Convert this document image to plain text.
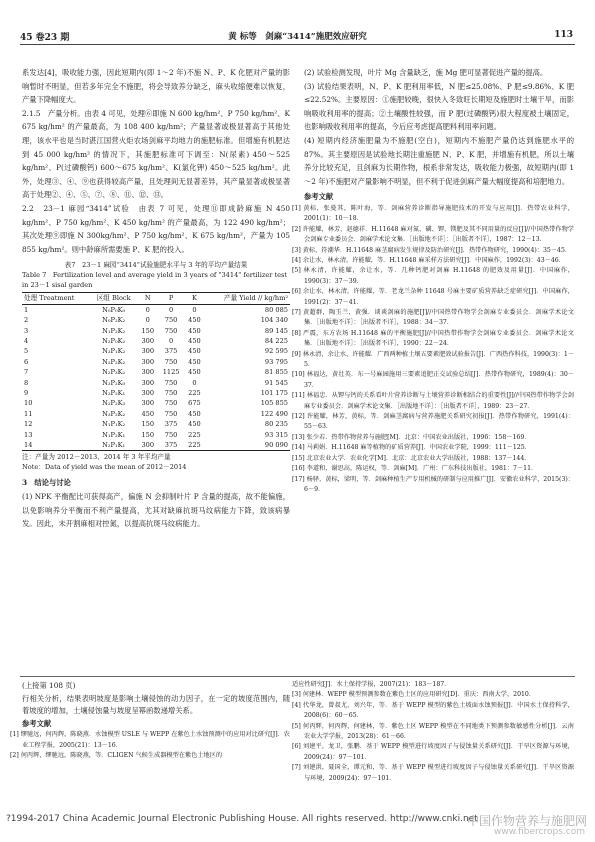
45 卷23 期	黄 标等　剑麻“3414”施肥效应研究	113

系发达[4]，吸收能力强，因此短期内(即 1～2 年)不施 N、P、K 化肥对产量的影响暂时不明显，但若多年完全不施肥，将会导致养分缺乏，麻头收缩便难以恢复，产量下降幅度大。

2.1.5　产量分析。由表 4 可见，处理⑥即施 N 600 kg/hm²、P 750 kg/hm²、K 675 kg/hm² 的产量最高，为 108 400 kg/hm²；产量显著或极显著高于其他处理，该水平也是当时湛江国营火炬农场剑麻平均地力的施肥标准。但增施有机肥达到 45 000 kg/hm² 的情况下，其施肥标准可下调至：N(尿素) 450～525 kg/hm²、P(过磷酸钙) 600～675 kg/hm²、K(氯化钾) 450～525 kg/hm²。此外，处理③、④、⑨也获得较高产量，且处理间无显著差异，其产量显著或极显著高于处理②、④、⑤、⑦、⑧、⑪、⑫、⑬。

2.2　23－1 麻园“3414”试验　由表 7 可见，处理⑪即成龄麻施 N 450 kg/hm²、P 750 kg/hm²、K 450 kg/hm² 的产量最高，为 122 490 kg/hm²；其次处理⑨即施 N 300kg/hm²、P 750 kg/hm²、K 675 kg/hm²，产量为 105 855 kg/hm²。则中龄麻所需要施 P、K 肥的投入。

表7　23－1 麻园“3414”试验施肥水平与 3 年的平均产量结果
Table 7　Fertilization level and average yield in 3 years of "3414" fertilizer test in 23－1 sisal garden
处理 Treatment	区组 Block	N	P	K	产量 Yield // kg/hm²
1	N₀P₀K₀	0	0	0	80 085
2	N₀P₂K₂	0	750	450	104 340
3	N₁P₂K₂	150	750	450	89 145
4	N₂P₀K₂	300	0	450	84 225
5	N₂P₁K₂	300	375	450	92 595
6	N₂P₂K₂	300	750	450	93 795
7	N₂P₃K₂	300	1125	450	81 855
8	N₂P₂K₀	300	750	0	91 545
9	N₂P₂K₁	300	750	225	101 175
10	N₂P₂K₃	300	750	675	105 855
11	N₃P₂K₂	450	750	450	122 490
12	N₁P₁K₂	150	375	450	80 235
13	N₁P₂K₁	150	750	225	93 315
14	N₂P₁K₁	300	375	225	90 090
注：产量为 2012－2013、2014 年 3 年平均产量
Note：Data of yield was the mean of 2012－2014

3　结论与讨论

(1) NPK 平衡配比可获得高产，偏施 N 会抑制叶片 P 含量的提高，故不能偏施，以免影响养分平衡而不利产量提高，尤其对缺麻抗斑马纹病能力下降，致该病暴发。因此，未开割麻相对控氮，以提高抗斑马纹病能力。

(2) 试验检测发现，叶片 Mg 含量缺乏，施 Mg 肥可显著促进产量的提高。

(3) 试验结果表明，N、P、K 肥利用率低，N 肥≤25.08%、P 肥≤9.86%、K 肥≤22.52%。主要原因：①施肥较晚，很快入冬致旺长期短及施肥时土壤干旱，而影响吸收利用率的提高；②土壤酸性较强，而 P 肥(过磷酸钙)很大程度被土壤固定，也影响吸收利用率的提高，今后应考虑提高肥料利用率问题。

(4) 短期内经济施肥量为不施肥(空白)，短期内不施肥产量仍达到施肥水平的 87%。其主要原因是试验地长期注重施肥 N、P、K 肥，并增施有机肥，所以土壤养分比较充足，且剑麻为长期作物，根系非常发达，吸收能力极强，故短期内(即 1～2 年)不施肥对产量影响不明显，但不利于促进剑麻产量大幅度提高和培肥地力。

参考文献

[1] 黄标，张曼其，陈叶海，等．剑麻营养诊断指导施肥技术的开发与应用[J]．热带农业科学，2001(1)：10－18．

[2] 许能耀，林芳，赵德祥．H.11648 麻对氮、磷、钾、镁肥及其不同用量的反应[J]//中国热带作物学会剑麻专业委员会．剑麻学术论文集．［出版地不详］：［出版者不详］，1987：12－13．

[3] 黄标，符潮华．H.11648 麻茎腐病发生规律及防治研究[J]．热带作物研究，1990(4)：35－45．

[4] 余让水，林永清，许能耀，等．H.11648 麻采样方法研究[J]．中国麻作，1992(3)：43－46．

[5] 林永清，许能耀，余让水，等．几种钙肥对剑麻 H.11648 的肥效及用量[J]．中国麻作，1990(3)：37－39．

[6] 余让水，林永清，许能耀，等．老龙兰杂种 11648 号麻主要矿质营养缺乏症研究[J]．中国麻作，1991(2)：37－41．

[7] 黄超群，陶玉兰，黄强．谈谈剑麻的施肥[J]//中国热带作物学会剑麻专业委员会．剑麻学术论文集．［出版地不详］：［出版者不详］，1988：34－37．

[8] 严震，东方农场 H.11648 麻的平衡施肥[J]//中国热带作物学会剑麻专业委员会．剑麻学术论文集．［出版地不详］：［出版者不详］，1990：22－24．

[9] 林永清，余让水，许能耀．广西两种植土壤五要素肥效试验报告[J]．广西热作科技，1990(3)：1－5．

[10] 林福达，黄壮英．东一号麻园施用三要素追肥正交试验总结[J]．热带作物研究，1989(4)：30－37．

[11] 林福忠．从钾与钙的关系看叶片营养诊断与土壤营养诊断相结合的重要性[J]//中国热带作物学会剑麻专业委员会．剑麻学术论文集．［出版地不详］：［出版者不详］，1989：23－27．

[12] 许能耀，林芳，黄标，等．剑麻茎腐病与营养施肥关系研究初报[J]．热带作物研究，1991(4)：55－63．

[13] 张少若．热带作物营养与施肥[M]．北京：中国农业出版社，1996：158－169．

[14] 马莉娟．H.11648 麻等植物的矿质营养[J]．中国农业学院，1999：111－125．

[15] 北京农业大学．农业化学[M]．北京：北京农业大学出版社，1988：137－144．

[16] 李道和，谢思高，陈运权，等．剑麻[M]．广州：广东科技出版社，1981：7－11．

[17] 杨驿，黄标，梁明，等．剑麻种植生产专用机械的研制与应用推广[J]．安徽农业科学，2015(3)：6－9．

(上接第 108 页)

行相关分析，结果表明坡度是影响土壤侵蚀的动力因子，在一定的坡度范围内，随着坡度的增加，土壤侵蚀量与坡度呈幂函数递增关系。

参考文献

[1] 缪驰远，何丙辉，陈晓燕．水蚀模型 USLE 与 WEPP 在紫色土水蚀预测中的应用对比研究[J]．农业工程学报，2005(21)：13－16．

[2] 何丙辉，缪驰远，陈晓燕，等．CLIGEN 气候生成器模型在紫色土地区的

适应性研究[J]．水土保持学报，2007(21)：183－187．

[3] 何建林．WEPP 模型预测参数在紫色土区的应用研究[D]．重庆：西南大学，2010．

[4] 代华龙，曾叔尤，刘兴年，等．基于 WEPP 模型的紫色土坡面水蚀预报[J]．中国水土保持科学，2008(6)：60－65．

[5] 何丙辉，何丙辉，何建林，等．紫色土区 WEPP 模型在不同地类下预测参数敏感性分析[J]．云南农业大学学报，2013(28)：61－66．

[6] 刘建平，龙卫，张鹏．基于 WEPP 模型进行坡度因子与侵蚀量关系研究[J]．干旱区资源与环境，2009(24)：97－101．

[7] 刘建洪，聂国全，谭元和，等．基于 WEPP 模型进行坡度因子与侵蚀量关系研究[J]．干旱区资源与环境，2009(24)：97－101．

?1994-2017 China Academic Journal Electronic Publishing House. All rights reserved. http://www.cnki.net
中国作物营养与施肥网
www.fibercrops.com
